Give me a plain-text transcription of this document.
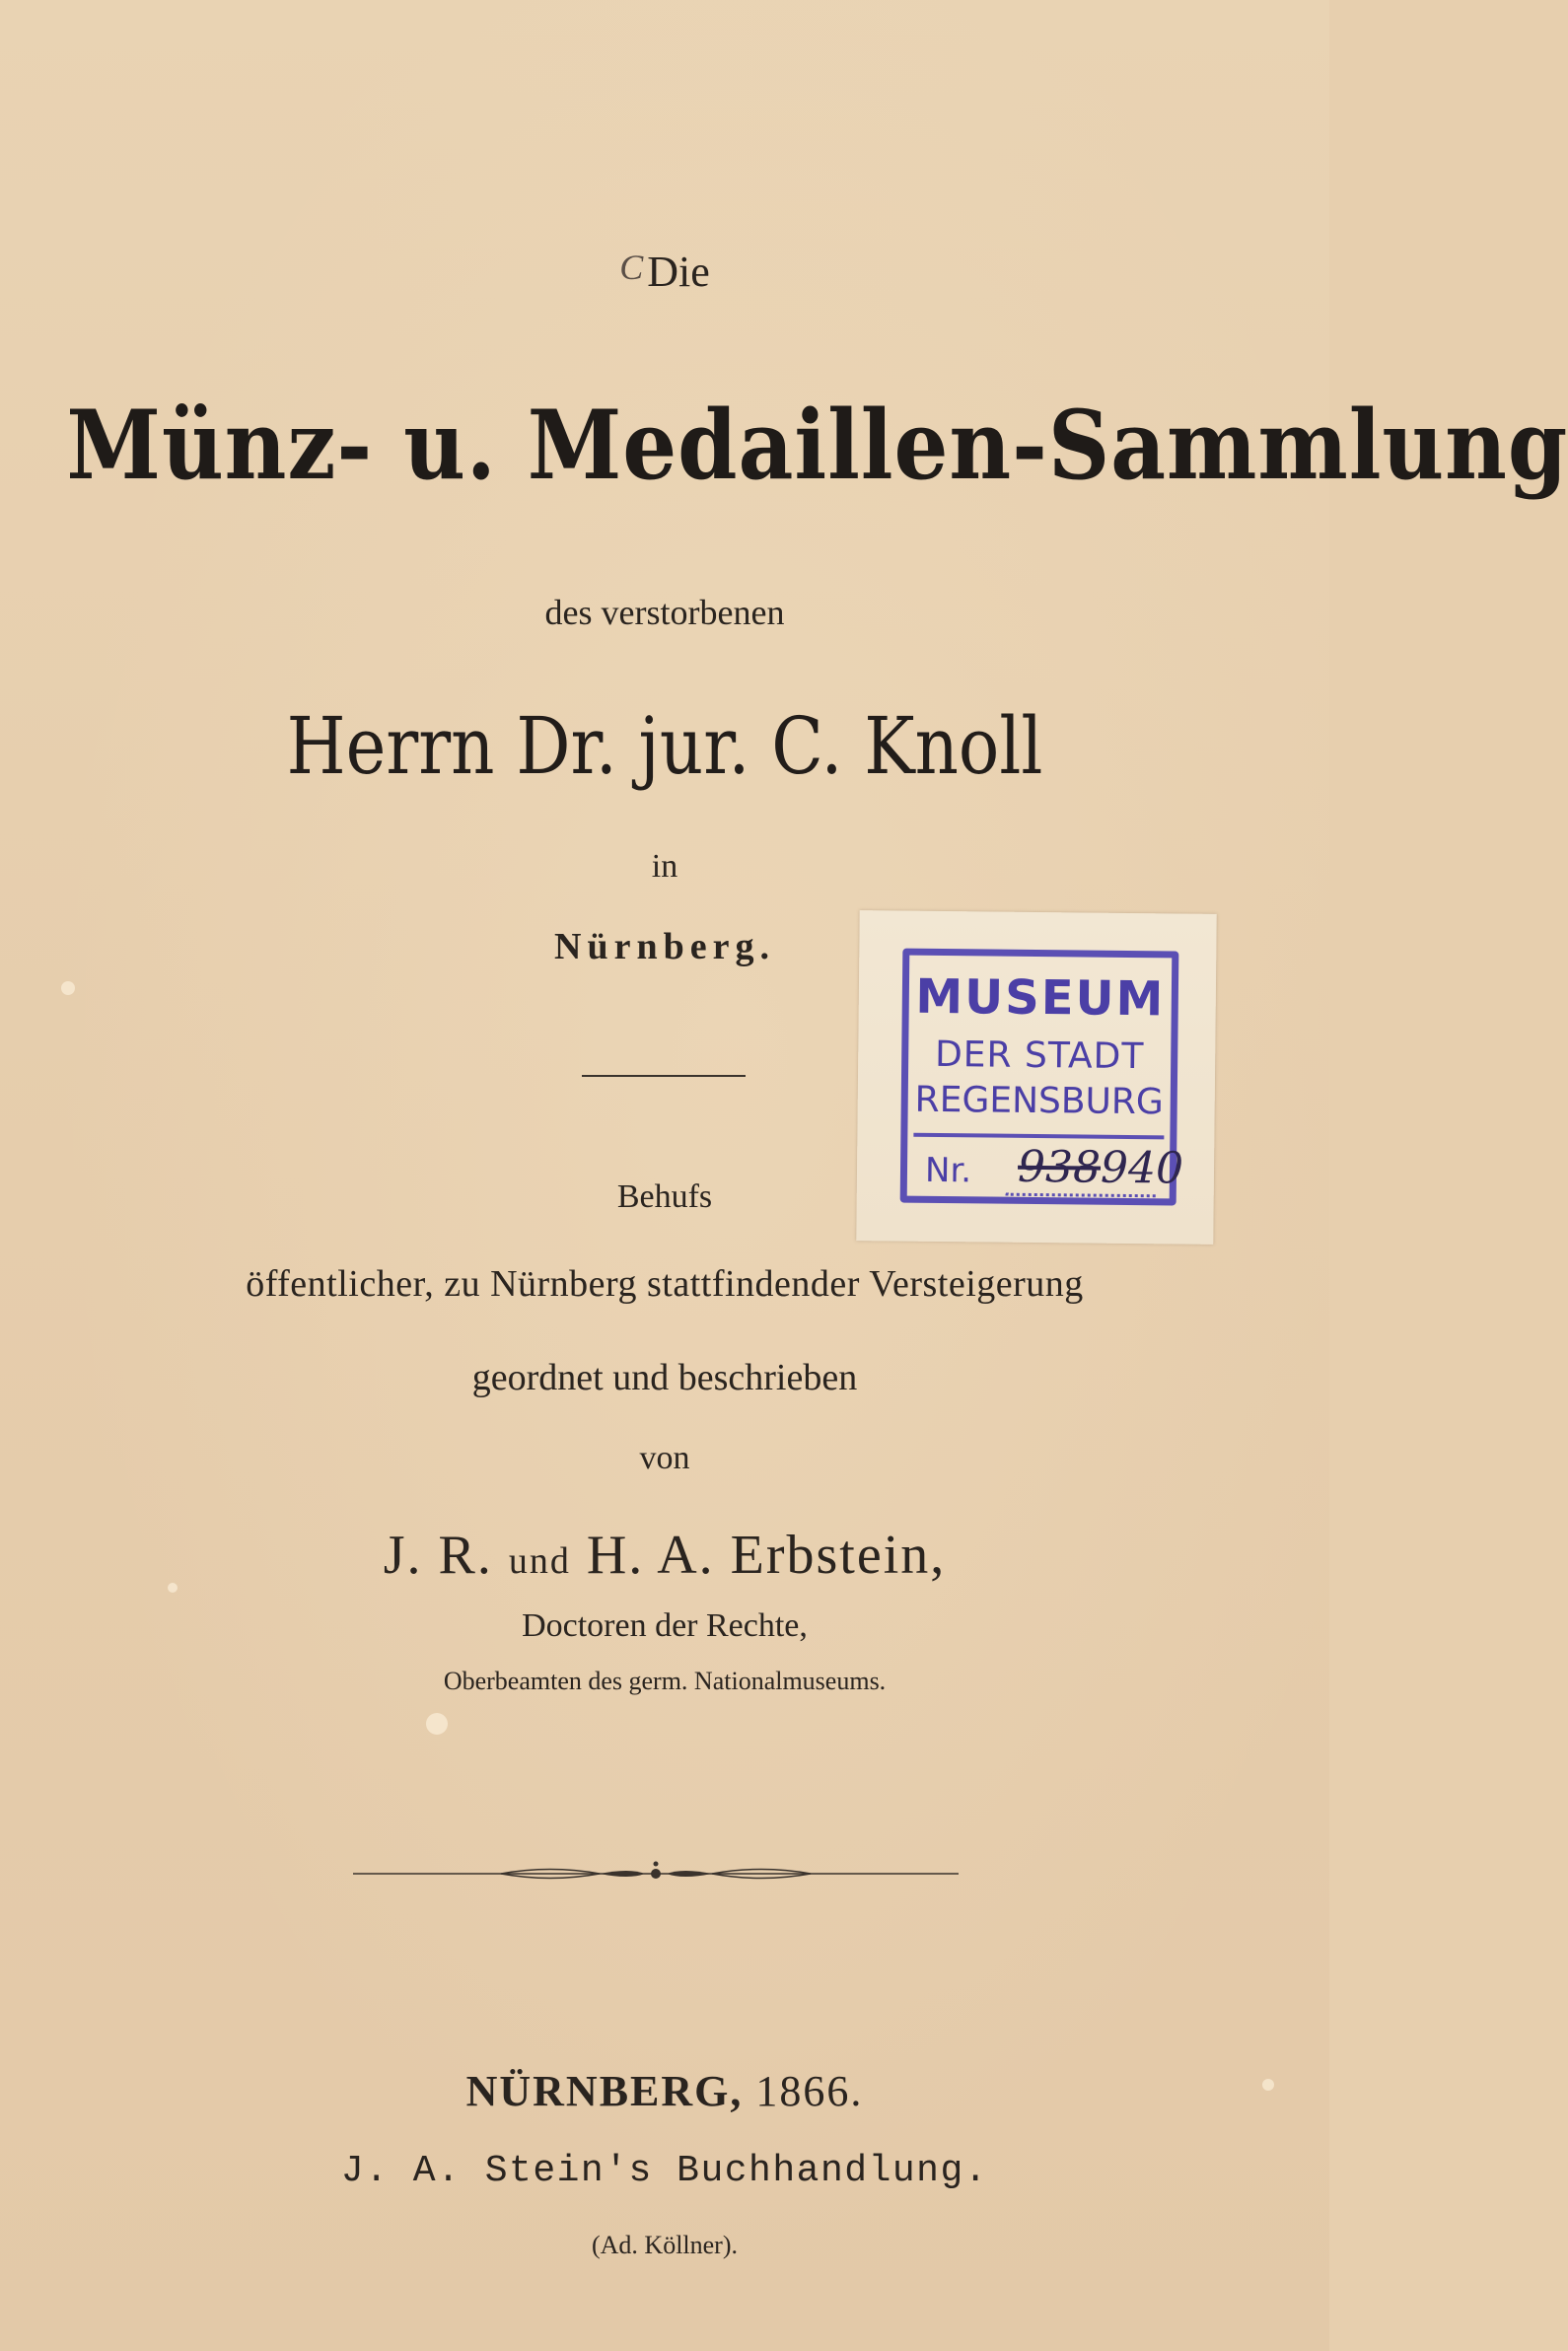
$^C$Die
Münz- u. Medaillen-Sammlung
des verstorbenen
Herrn Dr. jur. C. Knoll
in
Nürnberg.
Behufs
öffentlicher, zu Nürnberg stattfindender Versteigerung
geordnet und beschrieben
von
J. R. und H. A. Erbstein,
Doctoren der Rechte,
Oberbeamten des germ. Nationalmuseums.
NÜRNBERG, 1866.
J. A. Stein's Buchhandlung.
(Ad. Köllner).
MUSEUM
DER STADT
REGENSBURG
Nr. 938940
